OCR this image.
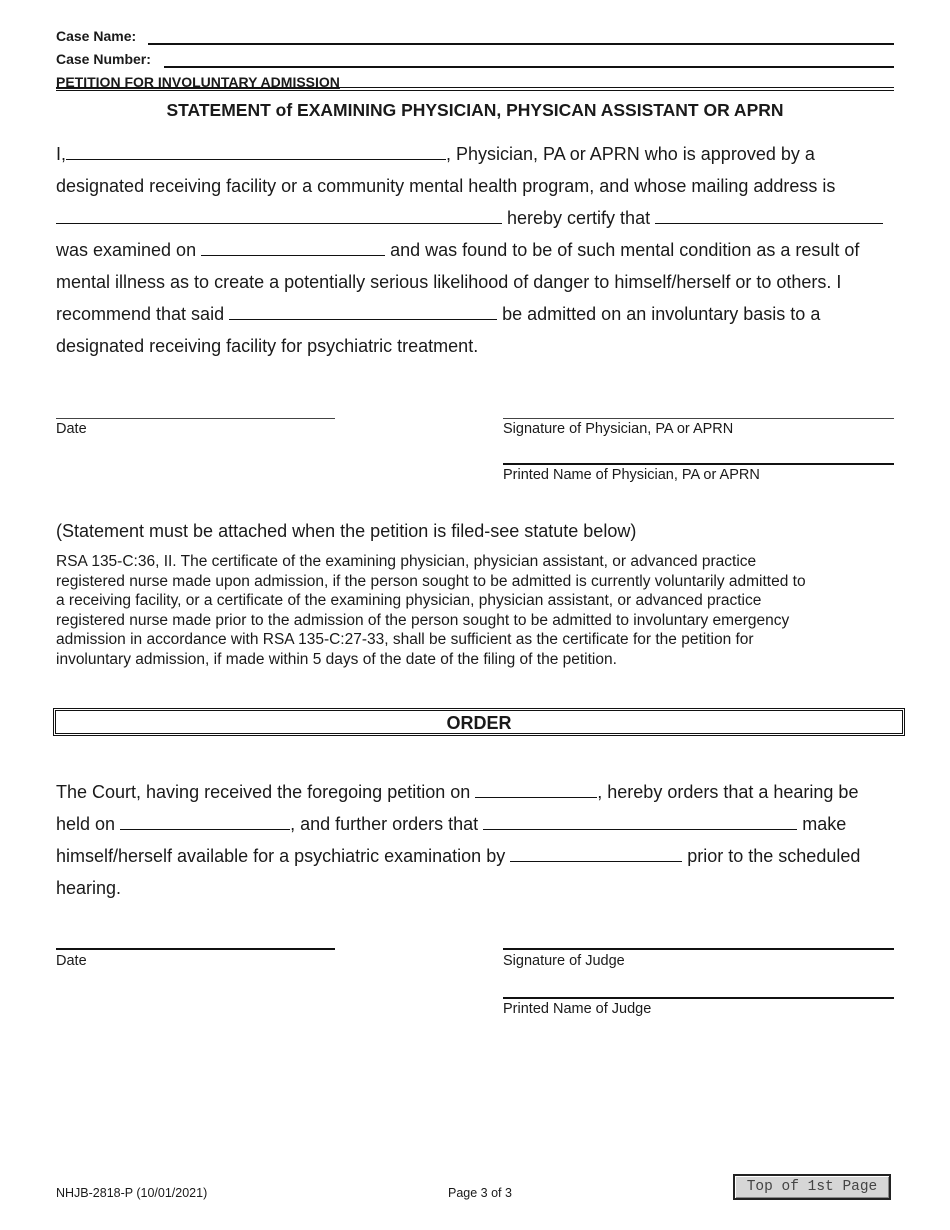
Case Name:
Case Number:
PETITION FOR INVOLUNTARY ADMISSION
STATEMENT of EXAMINING PHYSICIAN, PHYSICAN ASSISTANT OR APRN
I,	, Physician, PA or APRN who is approved by a
designated receiving facility or a community mental health program, and whose mailing address is
hereby certify that
was examined on	and was found to be of such mental condition as a result of
mental illness as to create a potentially serious likelihood of danger to himself/herself or to others. I
recommend that said	be admitted on an involuntary basis to a
designated receiving facility for psychiatric treatment.
Date	Signature of Physician, PA or APRN
Printed Name of Physician, PA or APRN
(Statement must be attached when the petition is filed-see statute below)
RSA 135-C:36, II. The certificate of the examining physician, physician assistant, or advanced practice
registered nurse made upon admission, if the person sought to be admitted is currently voluntarily admitted to
a receiving facility, or a certificate of the examining physician, physician assistant, or advanced practice
registered nurse made prior to the admission of the person sought to be admitted to involuntary emergency
admission in accordance with RSA 135-C:27-33, shall be sufficient as the certificate for the petition for
involuntary admission, if made within 5 days of the date of the filing of the petition.
ORDER
The Court, having received the foregoing petition on	, hereby orders that a hearing be
held on	, and further orders that	make
himself/herself available for a psychiatric examination by	prior to the scheduled
hearing.
Date	Signature of Judge
Printed Name of Judge
NHJB-2818-P (10/01/2021)	Page 3 of 3	Top of 1st Page
